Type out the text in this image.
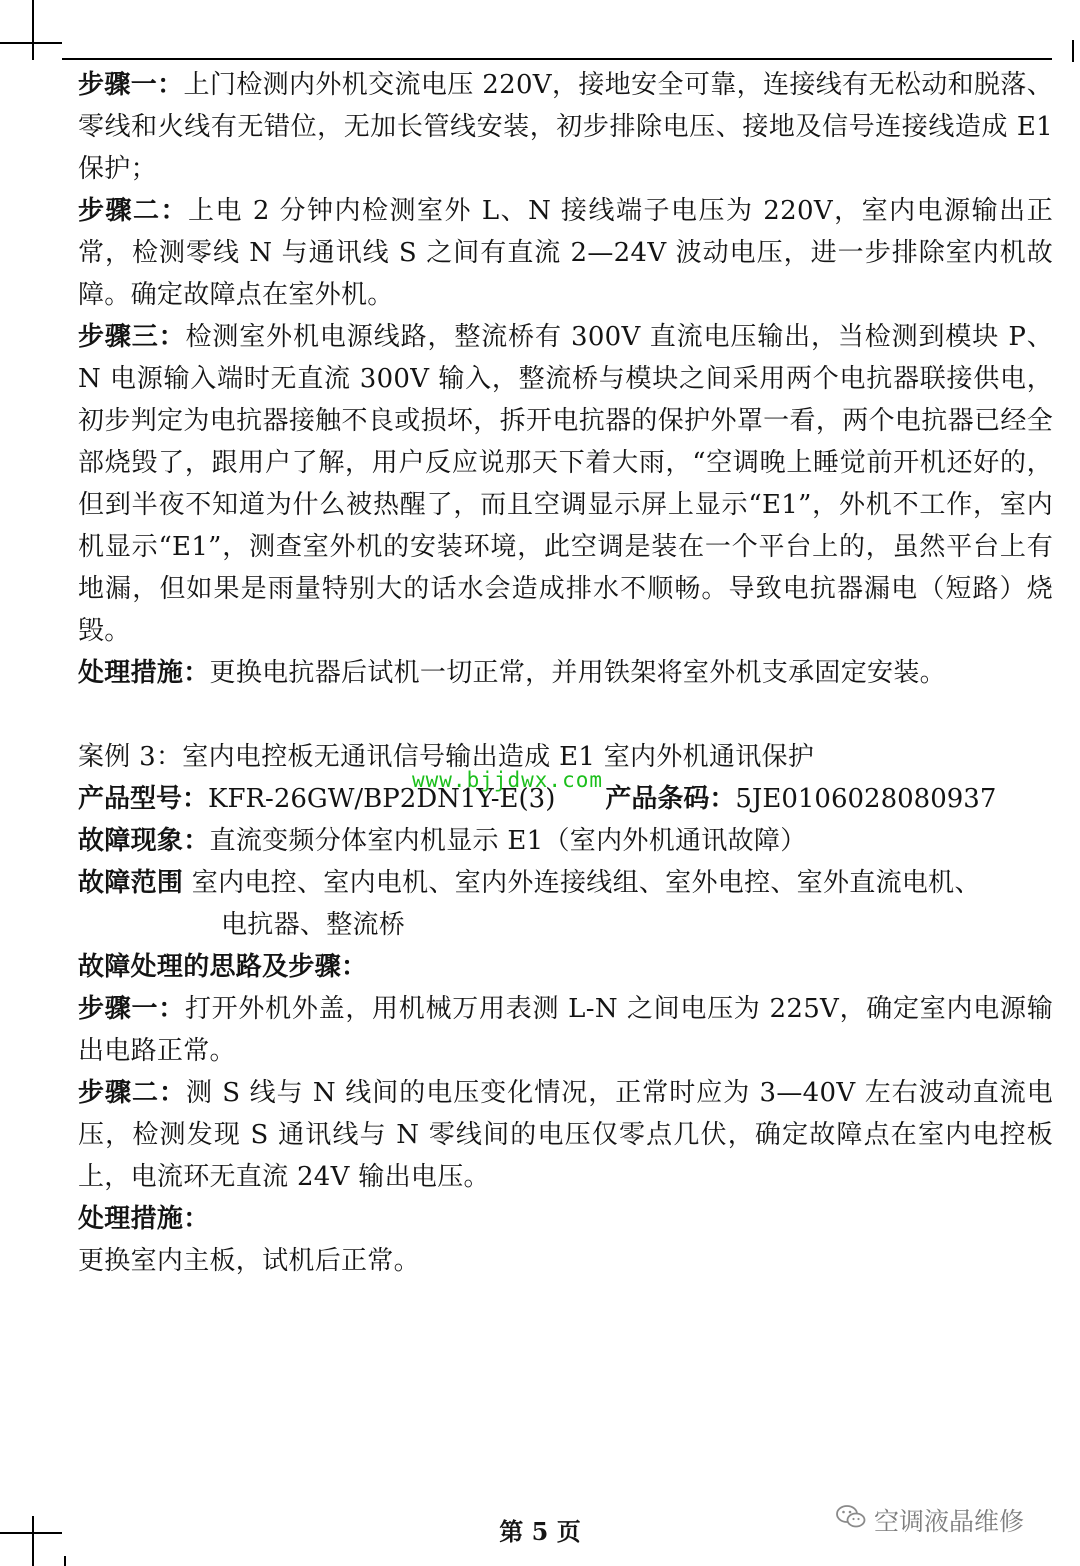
步骤一：上门检测内外机交流电压 220V，接地安全可靠，连接线有无松动和脱落、零线和火线有无错位，无加长管线安装，初步排除电压、接地及信号连接线造成 E1 保护；

步骤二：上电 2 分钟内检测室外 L、N 接线端子电压为 220V，室内电源输出正常，检测零线 N 与通讯线 S 之间有直流 2—24V 波动电压，进一步排除室内机故障。确定故障点在室外机。

步骤三：检测室外机电源线路，整流桥有 300V 直流电压输出，当检测到模块 P、N 电源输入端时无直流 300V 输入，整流桥与模块之间采用两个电抗器联接供电，初步判定为电抗器接触不良或损坏，拆开电抗器的保护外罩一看，两个电抗器已经全部烧毁了，跟用户了解，用户反应说那天下着大雨，“空调晚上睡觉前开机还好的，但到半夜不知道为什么被热醒了，而且空调显示屏上显示“E1”，外机不工作，室内机显示“E1”，测查室外机的安装环境，此空调是装在一个平台上的，虽然平台上有地漏，但如果是雨量特别大的话水会造成排水不顺畅。导致电抗器漏电（短路）烧毁。

处理措施：更换电抗器后试机一切正常，并用铁架将室外机支承固定安装。

案例 3：室内电控板无通讯信号输出造成 E1 室内外机通讯保护

产品型号： KFR-26GW/BP2DN1Y-E(3) 产品条码： 5JE0106028080937

故障现象：直流变频分体室内机显示 E1（室内外机通讯故障）

故障范围 室内电控、室内电机、室内外连接线组、室外电控、室外直流电机、

电抗器、整流桥

故障处理的思路及步骤：

步骤一：打开外机外盖，用机械万用表测 L-N 之间电压为 225V，确定室内电源输出电路正常。

步骤二：测 S 线与 N 线间的电压变化情况，正常时应为 3—40V 左右波动直流电压，检测发现 S 通讯线与 N 零线间的电压仅零点几伏，确定故障点在室内电控板上，电流环无直流 24V 输出电压。

处理措施：

更换室内主板，试机后正常。

www.bjjdwx.com
第 5 页	空调液晶维修
